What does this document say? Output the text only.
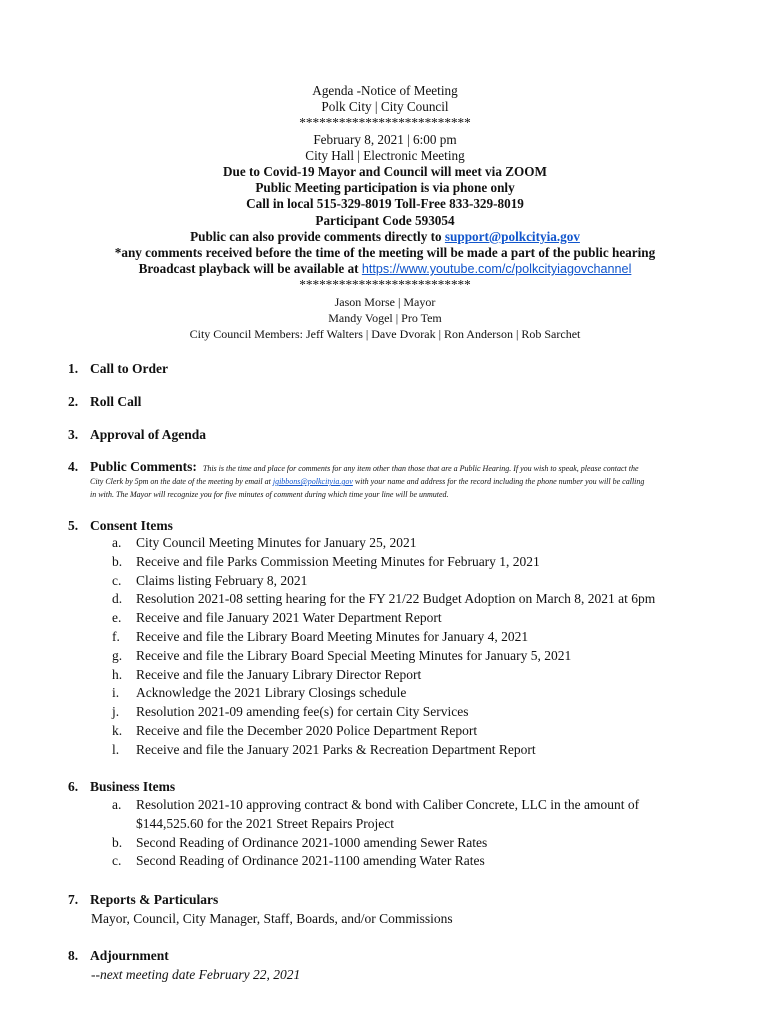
Agenda -Notice of Meeting
Polk City | City Council
**************************
February 8, 2021 | 6:00 pm
City Hall | Electronic Meeting
Due to Covid-19 Mayor and Council will meet via ZOOM
Public Meeting participation is via phone only
Call in local 515-329-8019 Toll-Free 833-329-8019
Participant Code 593054
Public can also provide comments directly to support@polkcityia.gov
*any comments received before the time of the meeting will be made a part of the public hearing
Broadcast playback will be available at https://www.youtube.com/c/polkcityiagovchannel
**************************
Jason Morse | Mayor
Mandy Vogel | Pro Tem
City Council Members: Jeff Walters | Dave Dvorak | Ron Anderson | Rob Sarchet
1. Call to Order
2. Roll Call
3. Approval of Agenda
4. Public Comments: This is the time and place for comments for any item other than those that are a Public Hearing. If you wish to speak, please contact the
City Clerk by 5pm on the date of the meeting by email at jgibbons@polkcityia.gov with your name and address for the record including the phone number you will be calling
in with. The Mayor will recognize you for five minutes of comment during which time your line will be unmuted.
5. Consent Items
a. City Council Meeting Minutes for January 25, 2021
b. Receive and file Parks Commission Meeting Minutes for February 1, 2021
c. Claims listing February 8, 2021
d. Resolution 2021-08 setting hearing for the FY 21/22 Budget Adoption on March 8, 2021 at 6pm
e. Receive and file January 2021 Water Department Report
f. Receive and file the Library Board Meeting Minutes for January 4, 2021
g. Receive and file the Library Board Special Meeting Minutes for January 5, 2021
h. Receive and file the January Library Director Report
i. Acknowledge the 2021 Library Closings schedule
j. Resolution 2021-09 amending fee(s) for certain City Services
k. Receive and file the December 2020 Police Department Report
l. Receive and file the January 2021 Parks & Recreation Department Report
6. Business Items
a. Resolution 2021-10 approving contract & bond with Caliber Concrete, LLC in the amount of
$144,525.60 for the 2021 Street Repairs Project
b. Second Reading of Ordinance 2021-1000 amending Sewer Rates
c. Second Reading of Ordinance 2021-1100 amending Water Rates
7. Reports & Particulars
Mayor, Council, City Manager, Staff, Boards, and/or Commissions
8. Adjournment
--next meeting date February 22, 2021
